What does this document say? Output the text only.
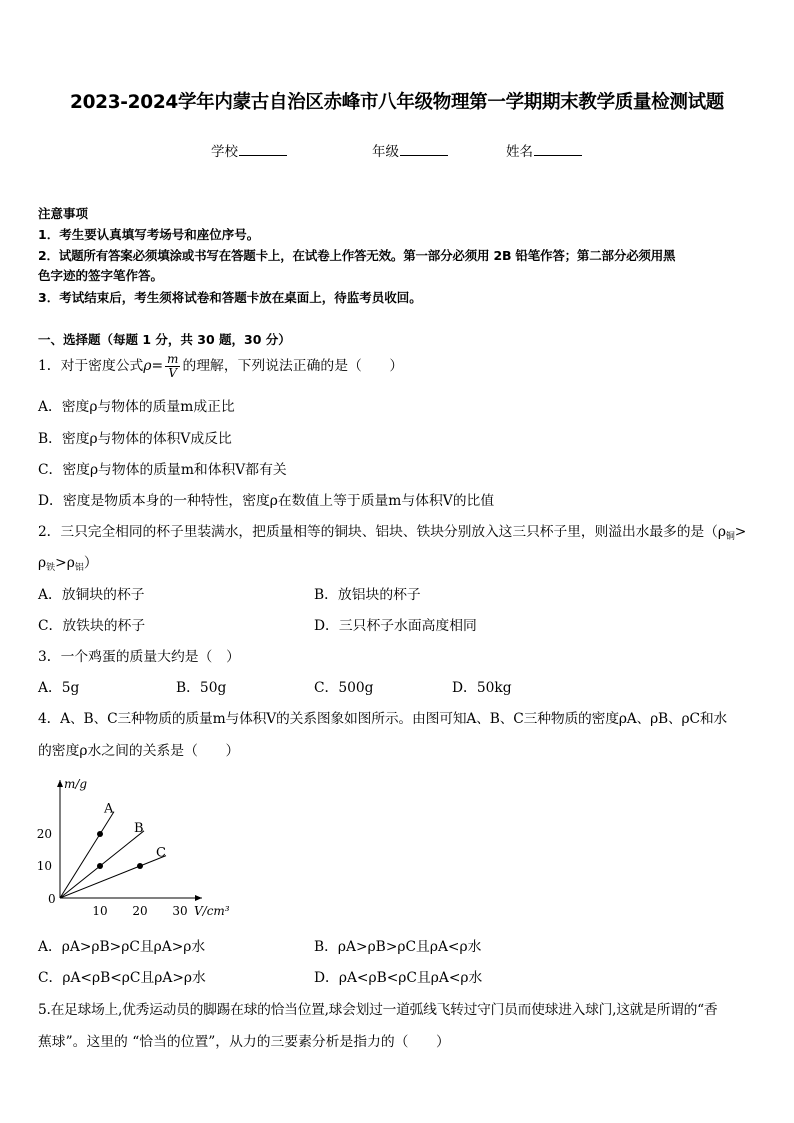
2023-2024学年内蒙古自治区赤峰市八年级物理第一学期期末教学质量检测试题
学校	年级	姓名
注意事项
1．考生要认真填写考场号和座位序号。
2．试题所有答案必须填涂或书写在答题卡上，在试卷上作答无效。第一部分必须用 2B 铅笔作答；第二部分必须用黑
色字迹的签字笔作答。
3．考试结束后，考生须将试卷和答题卡放在桌面上，待监考员收回。
一、选择题（每题 1 分，共 30 题，30 分）
1．对于密度公式$\rho= \frac{m}{V}$ 的理解，下列说法正确的是（　　）
A．密度ρ与物体的质量m成正比
B．密度ρ与物体的体积V成反比
C．密度ρ与物体的质量m和体积V都有关
D．密度是物质本身的一种特性，密度ρ在数值上等于质量m与体积V的比值
2．三只完全相同的杯子里装满水，把质量相等的铜块、铝块、铁块分别放入这三只杯子里，则溢出水最多的是（$\rho_铜>$
$\rho_铁>\rho_铝$）
A．放铜块的杯子	B．放铝块的杯子
C．放铁块的杯子	D．三只杯子水面高度相同
3．一个鸡蛋的质量大约是（　）
A．5g	B．50g	C．500g	D．50kg
4．A、B、C三种物质的质量m与体积V的关系图象如图所示。由图可知A、B、C三种物质的密度ρA、ρB、ρC和水
的密度ρ水之间的关系是（　　）
m/g
V/cm³
0
10 20 30
10
20
A
B
C
A．ρA>ρB>ρC且ρA>ρ水	B．ρA>ρB>ρC且ρA<ρ水
C．ρA<ρB<ρC且ρA>ρ水	D．ρA<ρB<ρC且ρA<ρ水
5.在足球场上,优秀运动员的脚踢在球的恰当位置,球会划过一道弧线飞转过守门员而使球进入球门,这就是所谓的“香
蕉球”。这里的 “恰当的位置”，从力的三要素分析是指力的（　　）
